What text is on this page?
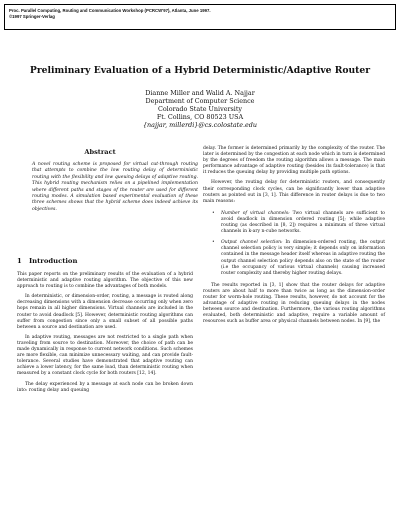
Proc. Parallel Computing, Routing and Communication Workshop (PCRCW'97), Atlanta, June 1997.
©1997 Springer-Verlag
Preliminary Evaluation of a Hybrid Deterministic/Adaptive Router
Dianne Miller and Walid A. Najjar
Department of Computer Science
Colorado State University
Ft. Collins, CO 80523 USA
{najjar, millerdi}@cs.colostate.edu
Abstract
A novel routing scheme is proposed for virtual cut-through routing that attempts to combine the low routing delay of deterministic routing with the flexibility and low queuing delays of adaptive routing. This hybrid routing mechanism relies on a pipelined implementation where different paths and stages of the router are used for different routing modes. A simulation based experimental evaluation of these three schemes shows that the hybrid scheme does indeed achieve its objectives.
1 Introduction

This paper reports on the preliminary results of the evaluation of a hybrid deterministic and adaptive routing algorithm. The objective of this new approach to routing is to combine the advantages of both models.

In deterministic, or dimension-order, routing, a message is routed along decreasing dimensions with a dimension decrease occurring only when zero hops remain in all higher dimensions. Virtual channels are included in the router to avoid deadlock [5]. However, deterministic routing algorithms can suffer from congestion since only a small subset of all possible paths between a source and destination are used.

In adaptive routing, messages are not restricted to a single path when traveling from source to destination. Moreover, the choice of path can be made dynamically in response to current network conditions. Such schemes are more flexible, can minimize unnecessary waiting, and can provide fault-tolerance. Several studies have demonstrated that adaptive routing can achieve a lower latency, for the same load, than deterministic routing when measured by a constant clock cycle for both routers [12, 14].

The delay experienced by a message at each node can be broken down into: routing delay and queuing

delay. The former is determined primarily by the complexity of the router. The later is determined by the congestion at each node which in turn is determined by the degrees of freedom the routing algorithm allows a message. The main performance advantage of adaptive routing (besides its fault-tolerance) is that it reduces the queuing delay by providing multiple path options.

However, the routing delay for deterministic routers, and consequently their corresponding clock cycles, can be significantly lower than adaptive routers as pointed out in [3, 1]. This difference in router delays is due to two main reasons:

• Number of virtual channels: Two virtual channels are sufficient to avoid deadlock in dimension ordered routing [5]; while adaptive routing (as described in [8, 2]) requires a minimum of three virtual channels in k-ary n-cube networks.
• Output channel selection: In dimension-ordered routing, the output channel selection policy is very simple; it depends only on information contained in the message header itself whereas in adaptive routing the output channel selection policy depends also on the state of the router (i.e the occupancy of various virtual channels) causing increased router complexity and thereby higher routing delays.

The results reported in [3, 1] show that the router delays for adaptive routers are about half to more than twice as long as the dimension-order router for worm-hole routing. These results, however, do not account for the advantage of adaptive routing in reducing queuing delays in the nodes between source and destination. Furthermore, the various routing algorithms evaluated, both deterministic and adaptive, require a variable amount of resources such as buffer area or physical channels between nodes. In [9], the
